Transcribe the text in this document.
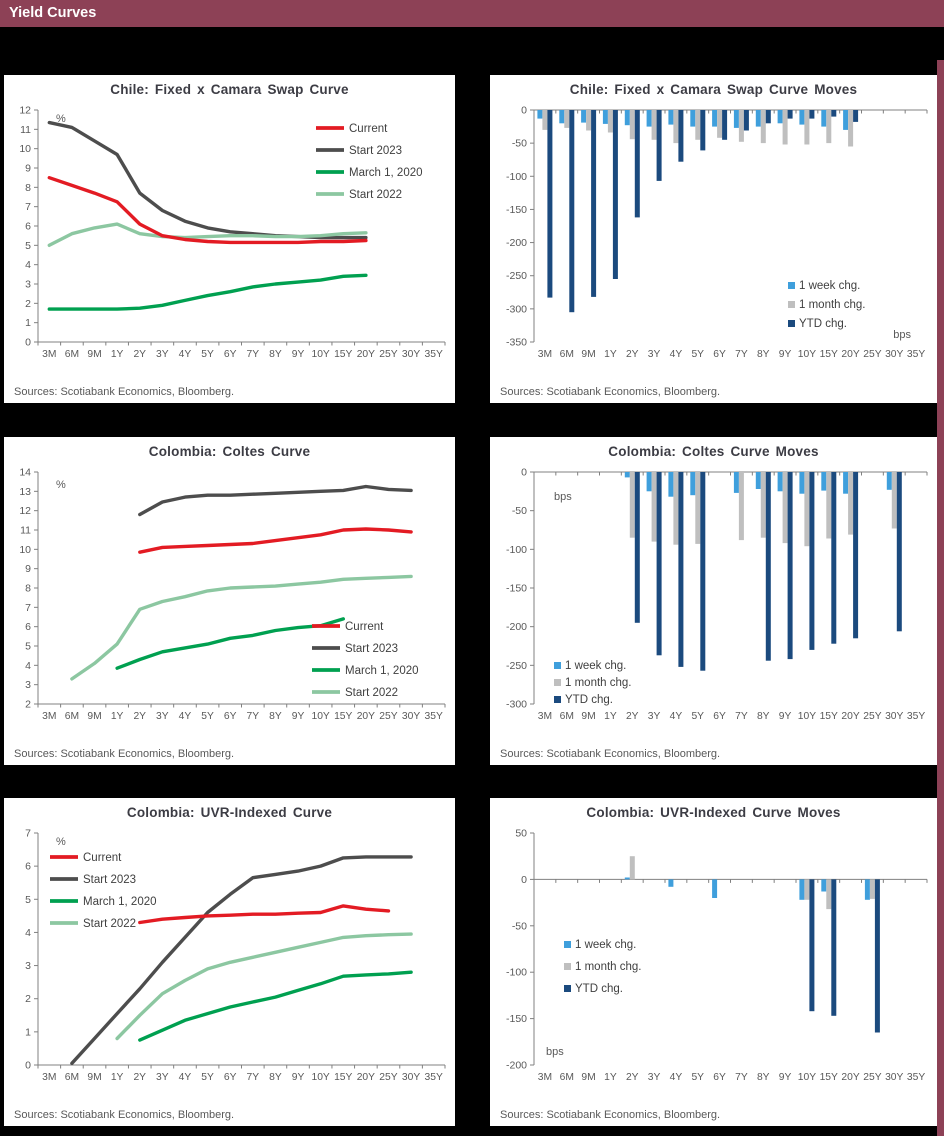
Yield Curves
Chile: Fixed x Camara Swap Curve
0
1
2
3
4
5
6
7
8
9
10
11
12
3M 6M 9M 1Y 2Y 3Y 4Y 5Y 6Y 7Y 8Y 9Y 10Y 15Y 20Y 25Y 30Y 35Y
%
Current
Start 2023
March 1, 2020
Start 2022
Sources: Scotiabank Economics, Bloomberg.
Chile: Fixed x Camara Swap Curve Moves
0
-50
-100
-150
-200
-250
-300
-350
3M 6M 9M 1Y 2Y 3Y 4Y 5Y 6Y 7Y 8Y 9Y 10Y 15Y 20Y 25Y 30Y 35Y
bps
1 week chg.
1 month chg.
YTD chg.
Sources: Scotiabank Economics, Bloomberg.
Colombia: Coltes Curve
2
3
4
5
6
7
8
9
10
11
12
13
14
3M 6M 9M 1Y 2Y 3Y 4Y 5Y 6Y 7Y 8Y 9Y 10Y 15Y 20Y 25Y 30Y 35Y
%
Current
Start 2023
March 1, 2020
Start 2022
Sources: Scotiabank Economics, Bloomberg.
Colombia: Coltes Curve Moves
0
-50
-100
-150
-200
-250
-300
3M 6M 9M 1Y 2Y 3Y 4Y 5Y 6Y 7Y 8Y 9Y 10Y 15Y 20Y 25Y 30Y 35Y
bps
1 week chg.
1 month chg.
YTD chg.
Sources: Scotiabank Economics, Bloomberg.
Colombia: UVR-Indexed Curve
0
1
2
3
4
5
6
7
3M 6M 9M 1Y 2Y 3Y 4Y 5Y 6Y 7Y 8Y 9Y 10Y 15Y 20Y 25Y 30Y 35Y
%
Current
Start 2023
March 1, 2020
Start 2022
Sources: Scotiabank Economics, Bloomberg.
Colombia: UVR-Indexed Curve Moves
50
0
-50
-100
-150
-200
3M 6M 9M 1Y 2Y 3Y 4Y 5Y 6Y 7Y 8Y 9Y 10Y 15Y 20Y 25Y 30Y 35Y
bps
1 week chg.
1 month chg.
YTD chg.
Sources: Scotiabank Economics, Bloomberg.
